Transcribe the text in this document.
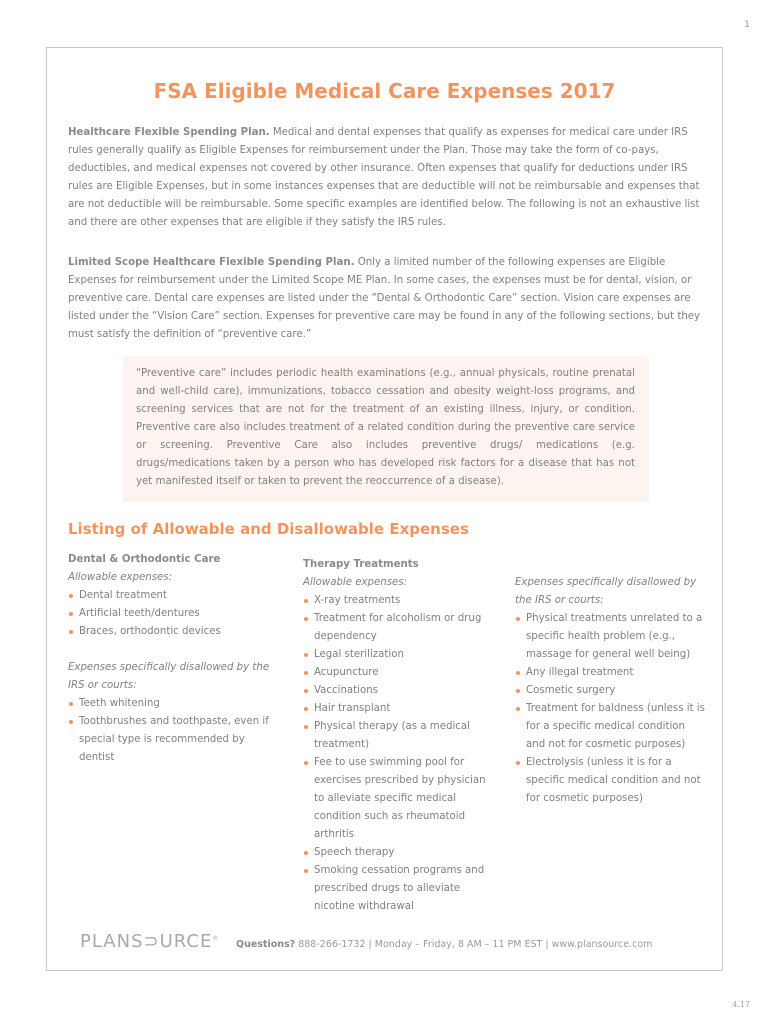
1
FSA Eligible Medical Care Expenses 2017

Healthcare Flexible Spending Plan. Medical and dental expenses that qualify as expenses for medical care under IRS rules generally qualify as Eligible Expenses for reimbursement under the Plan. Those may take the form of co-pays, deductibles, and medical expenses not covered by other insurance. Often expenses that qualify for deductions under IRS rules are Eligible Expenses, but in some instances expenses that are deductible will not be reimbursable and expenses that are not deductible will be reimbursable. Some specific examples are identified below. The following is not an exhaustive list and there are other expenses that are eligible if they satisfy the IRS rules.

Limited Scope Healthcare Flexible Spending Plan. Only a limited number of the following expenses are Eligible Expenses for reimbursement under the Limited Scope ME Plan. In some cases, the expenses must be for dental, vision, or preventive care. Dental care expenses are listed under the “Dental & Orthodontic Care” section. Vision care expenses are listed under the “Vision Care” section. Expenses for preventive care may be found in any of the following sections, but they must satisfy the definition of “preventive care.”

“Preventive care” includes periodic health examinations (e.g., annual physicals, routine prenatal and well-child care), immunizations, tobacco cessation and obesity weight-loss programs, and screening services that are not for the treatment of an existing illness, injury, or condition. Preventive care also includes treatment of a related condition during the preventive care service or screening. Preventive Care also includes preventive drugs/ medications (e.g. drugs/medications taken by a person who has developed risk factors for a disease that has not yet manifested itself or taken to prevent the reoccurrence of a disease).

Listing of Allowable and Disallowable Expenses

Dental & Orthodontic Care

Allowable expenses:

Dental treatment
Artificial teeth/dentures
Braces, orthodontic devices

Expenses specifically disallowed by the IRS or courts:

Teeth whitening
Toothbrushes and toothpaste, even if special type is recommended by dentist

Therapy Treatments

Allowable expenses:

X-ray treatments
Treatment for alcoholism or drug dependency
Legal sterilization
Acupuncture
Vaccinations
Hair transplant
Physical therapy (as a medical treatment)
Fee to use swimming pool for exercises prescribed by physician to alleviate specific medical condition such as rheumatoid arthritis
Speech therapy
Smoking cessation programs and prescribed drugs to alleviate nicotine withdrawal

Expenses specifically disallowed by the IRS or courts:

Physical treatments unrelated to a specific health problem (e.g., massage for general well being)
Any illegal treatment
Cosmetic surgery
Treatment for baldness (unless it is for a specific medical condition and not for cosmetic purposes)
Electrolysis (unless it is for a specific medical condition and not for cosmetic purposes)
PLANS⊃URCE®
Questions? 888-266-1732 | Monday – Friday, 8 AM – 11 PM EST | www.plansource.com
4.17
